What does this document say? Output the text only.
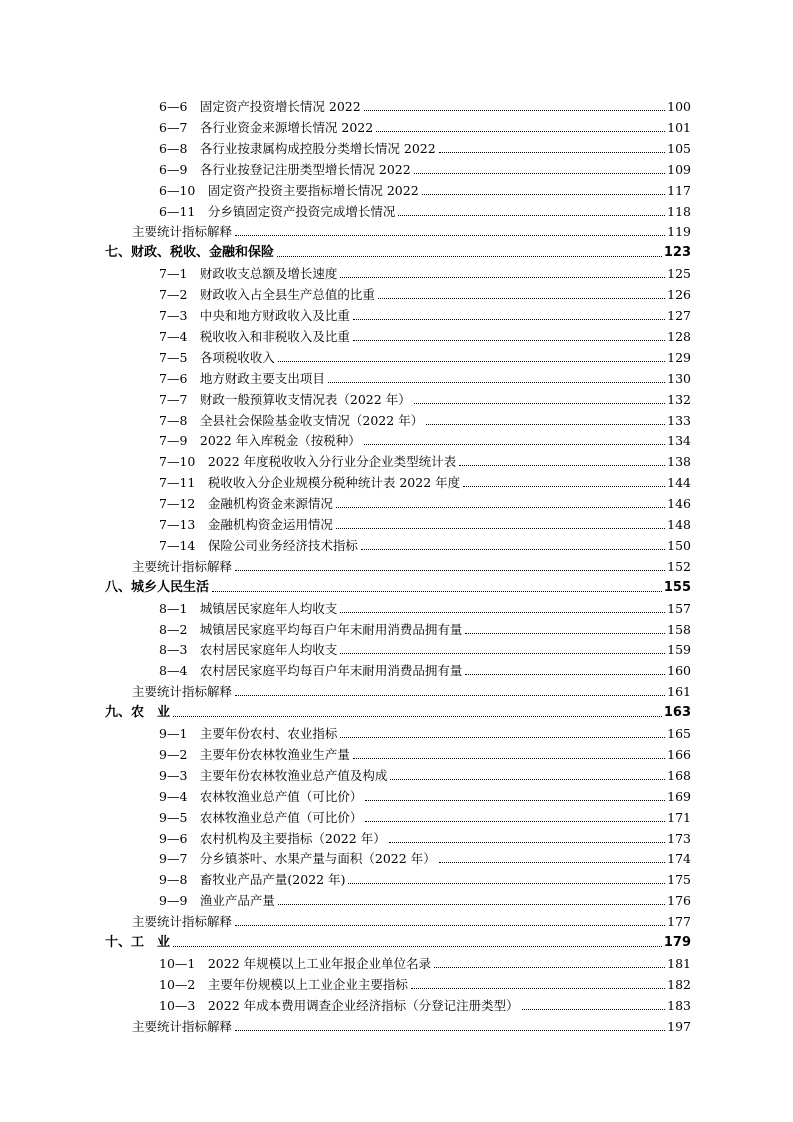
6—6　固定资产投资增长情况 2022	100
6—7　各行业资金来源增长情况 2022	101
6—8　各行业按隶属构成控股分类增长情况 2022	105
6—9　各行业按登记注册类型增长情况 2022	109
6—10　固定资产投资主要指标增长情况 2022	117
6—11　分乡镇固定资产投资完成增长情况	118
主要统计指标解释	119
七、财政、税收、金融和保险	123
7—1　财政收支总额及增长速度	125
7—2　财政收入占全县生产总值的比重	126
7—3　中央和地方财政收入及比重	127
7—4　税收收入和非税收入及比重	128
7—5　各项税收收入	129
7—6　地方财政主要支出项目	130
7—7　财政一般预算收支情况表（2022 年）	132
7—8　全县社会保险基金收支情况（2022 年）	133
7—9　2022 年入库税金（按税种）	134
7—10　2022 年度税收收入分行业分企业类型统计表	138
7—11　税收收入分企业规模分税种统计表 2022 年度	144
7—12　金融机构资金来源情况	146
7—13　金融机构资金运用情况	148
7—14　保险公司业务经济技术指标	150
主要统计指标解释	152
八、城乡人民生活	155
8—1　城镇居民家庭年人均收支	157
8—2　城镇居民家庭平均每百户年末耐用消费品拥有量	158
8—3　农村居民家庭年人均收支	159
8—4　农村居民家庭平均每百户年末耐用消费品拥有量	160
主要统计指标解释	161
九、农　业	163
9—1　主要年份农村、农业指标	165
9—2　主要年份农林牧渔业生产量	166
9—3　主要年份农林牧渔业总产值及构成	168
9—4　农林牧渔业总产值（可比价）	169
9—5　农林牧渔业总产值（可比价）	171
9—6　农村机构及主要指标（2022 年）	173
9—7　分乡镇茶叶、水果产量与面积（2022 年）	174
9—8　畜牧业产品产量(2022 年)	175
9—9　渔业产品产量	176
主要统计指标解释	177
十、工　业	179
10—1　2022 年规模以上工业年报企业单位名录	181
10—2　主要年份规模以上工业企业主要指标	182
10—3　2022 年成本费用调查企业经济指标（分登记注册类型）	183
主要统计指标解释	197
